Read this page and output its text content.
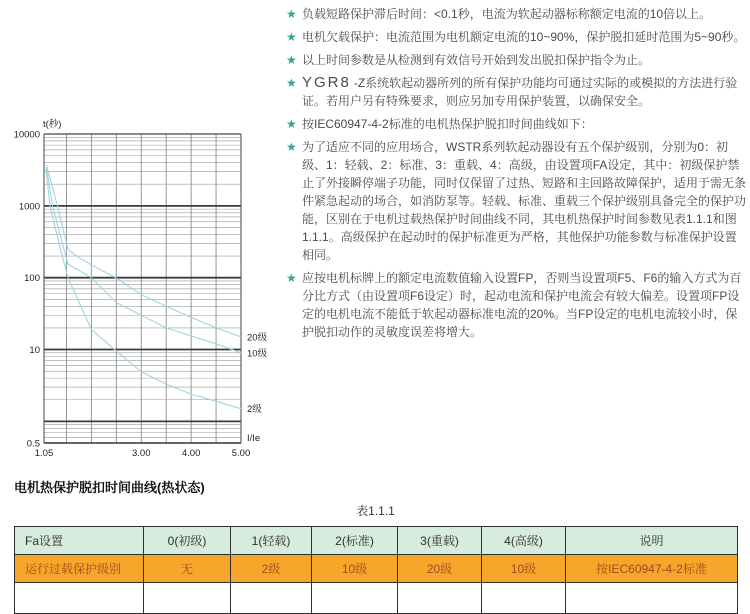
10000
1000
100
10
0.5
1.05	3.00	4.00	5.00
t(秒)
I/Ie
20级
10级
2级
★ 负载短路保护滞后时间：<0.1秒，电流为软起动器标称额定电流的10倍以上。
★ 电机欠载保护：电流范围为电机额定电流的10~90%，保护脱扣延时范围为5~90秒。
★ 以上时间参数是从检测到有效信号开始到发出脱扣保护指令为止。
★ YGR8 -Z系统软起动器所列的所有保护功能均可通过实际的或模拟的方法进行验证。若用户另有特殊要求，则应另加专用保护装置，以确保安全。
★ 按IEC60947-4-2标准的电机热保护脱扣时间曲线如下：
★ 为了适应不同的应用场合，WSTR系列软起动器设有五个保护级别，分别为0：初级、1：轻载、2：标准、3：重载、4：高级，由设置项FA设定，其中：初级保护禁止了外接瞬停端子功能，同时仅保留了过热、短路和主回路故障保护，适用于需无条件紧急起动的场合，如消防泵等。轻载、标准、重载三个保护级别具备完全的保护功能，区别在于电机过载热保护时间曲线不同，其电机热保护时间参数见表1.1.1和图1.1.1。高级保护在起动时的保护标准更为严格，其他保护功能参数与标准保护设置相同。
★ 应按电机标牌上的额定电流数值输入设置FP，否则当设置项F5、F6的输入方式为百分比方式（由设置项F6设定）时，起动电流和保护电流会有较大偏差。设置项FP设定的电机电流不能低于软起动器标准电流的20%。当FP设定的电机电流较小时，保护脱扣动作的灵敏度误差将增大。
电机热保护脱扣时间曲线(热状态)
表1.1.1
Fa设置	0(初级)	1(轻载)	2(标准)	3(重载)	4(高级)	说明
运行过载保护级别	无	2级	10级	20级	10级	按IEC60947-4-2标准
